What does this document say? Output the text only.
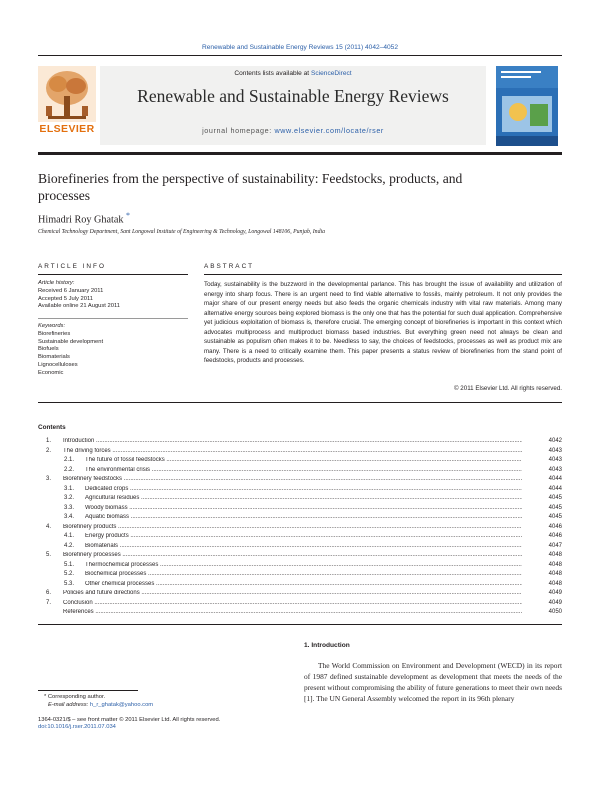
Renewable and Sustainable Energy Reviews 15 (2011) 4042–4052
Contents lists available at ScienceDirect
Renewable and Sustainable Energy Reviews
journal homepage: www.elsevier.com/locate/rser
ELSEVIER
Biorefineries from the perspective of sustainability: Feedstocks, products, and processes
Himadri Roy Ghatak *
Chemical Technology Department, Sant Longowal Institute of Engineering & Technology, Longowal 148106, Punjab, India
ARTICLE INFO
Article history:
Received 6 January 2011
Accepted 5 July 2011
Available online 21 August 2011
Keywords:
Biorefineries
Sustainable development
Biofuels
Biomaterials
Lignocelluloses
Economic
ABSTRACT
Today, sustainability is the buzzword in the developmental parlance. This has brought the issue of availability and utilization of energy into sharp focus. There is an urgent need to find viable alternative to fossils, mainly petroleum. It not only provides the major share of our present energy needs but also feeds the organic chemicals industry with vital raw materials. Among many alternative energy sources being explored biomass is the only one that has the potential for such dual application. Comprehensive yet judicious exploitation of biomass is, therefore crucial. The emerging concept of biorefineries is important in this context which advocates multiprocess and multiproduct biomass based industries. But everything green need not always be clean and sustainable as populism often makes it to be. Needless to say, the choices of feedstocks, processes as well as product mix are many. There is a need to critically examine them. This paper presents a status review of biorefineries from the stand point of feedstocks, products and processes.
© 2011 Elsevier Ltd. All rights reserved.
Contents
1. Introduction .....	4042
2. The driving forces .....	4043
2.1. The future of fossil feedstocks .....	4043
2.2. The environmental crisis .....	4043
3. Biorefinery feedstocks .....	4044
3.1. Dedicated crops .....	4044
3.2. Agricultural residues .....	4045
3.3. Woody biomass .....	4045
3.4. Aquatic biomass .....	4045
4. Biorefinery products .....	4046
4.1. Energy products .....	4046
4.2. Biomaterials .....	4047
5. Biorefinery processes .....	4048
5.1. Thermochemical processes .....	4048
5.2. Biochemical processes .....	4048
5.3. Other chemical processes .....	4048
6. Policies and future directions .....	4049
7. Conclusion .....	4049
References .....	4050
1. Introduction
The World Commission on Environment and Development (WECD) in its report of 1987 defined sustainable development as development that meets the needs of the present without compromising the ability of future generations to meet their own needs [1]. The UN General Assembly welcomed the report in its 96th plenary
* Corresponding author.
E-mail address: h_r_ghatak@yahoo.com
1364-0321/$ – see front matter © 2011 Elsevier Ltd. All rights reserved.
doi:10.1016/j.rser.2011.07.034
